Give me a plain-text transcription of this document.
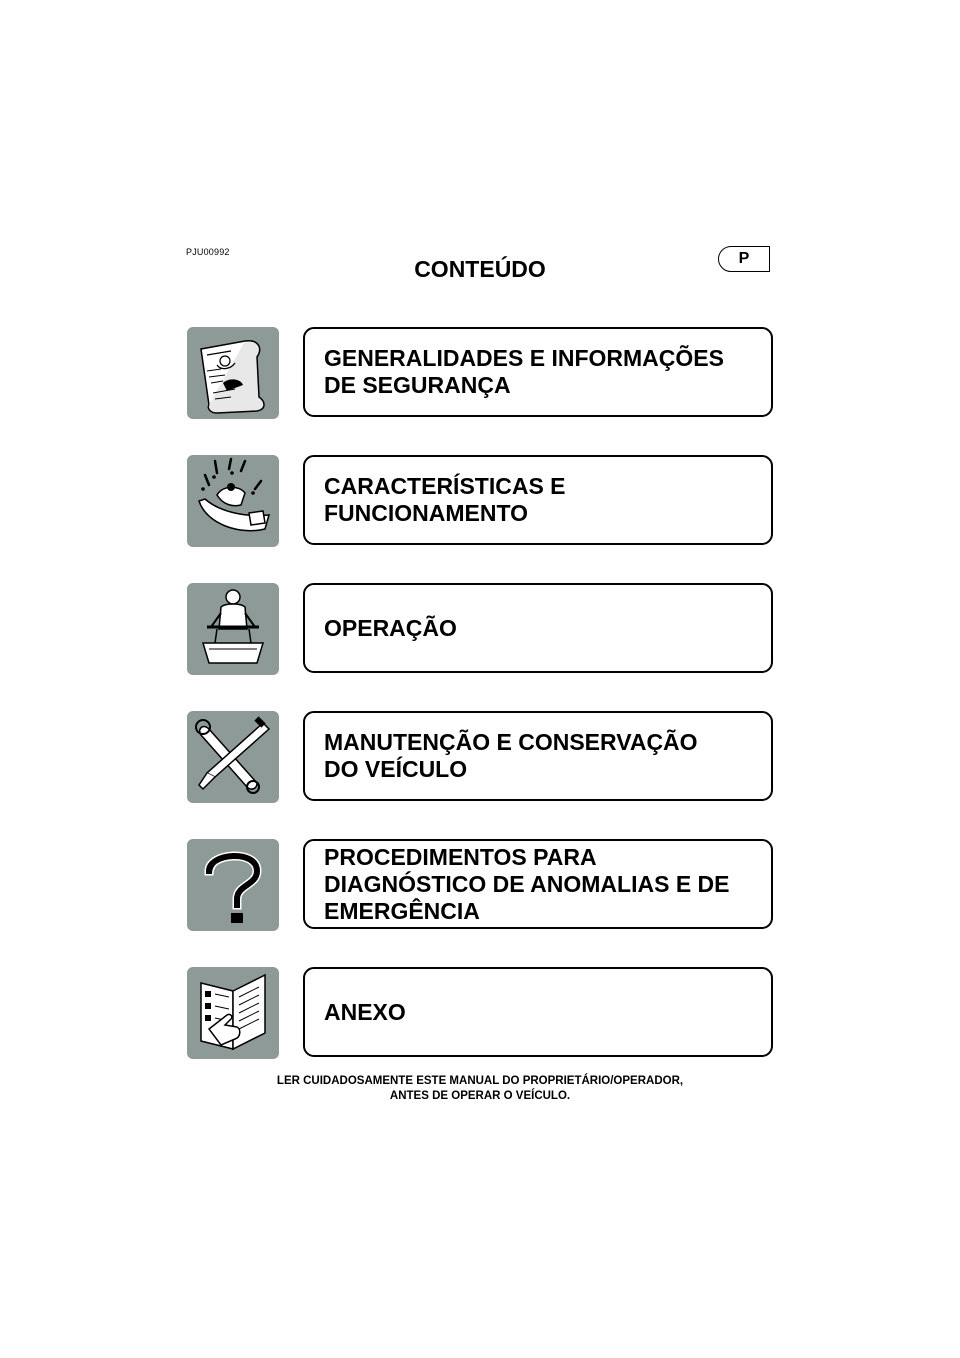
PJU00992	P
CONTEÚDO
GENERALIDADES E INFORMAÇÕES
DE SEGURANÇA
CARACTERÍSTICAS E
FUNCIONAMENTO
OPERAÇÃO
MANUTENÇÃO E CONSERVAÇÃO
DO VEÍCULO
PROCEDIMENTOS PARA
DIAGNÓSTICO DE ANOMALIAS E DE
EMERGÊNCIA
ANEXO
LER CUIDADOSAMENTE ESTE MANUAL DO PROPRIETÁRIO/OPERADOR,
ANTES DE OPERAR O VEÍCULO.
